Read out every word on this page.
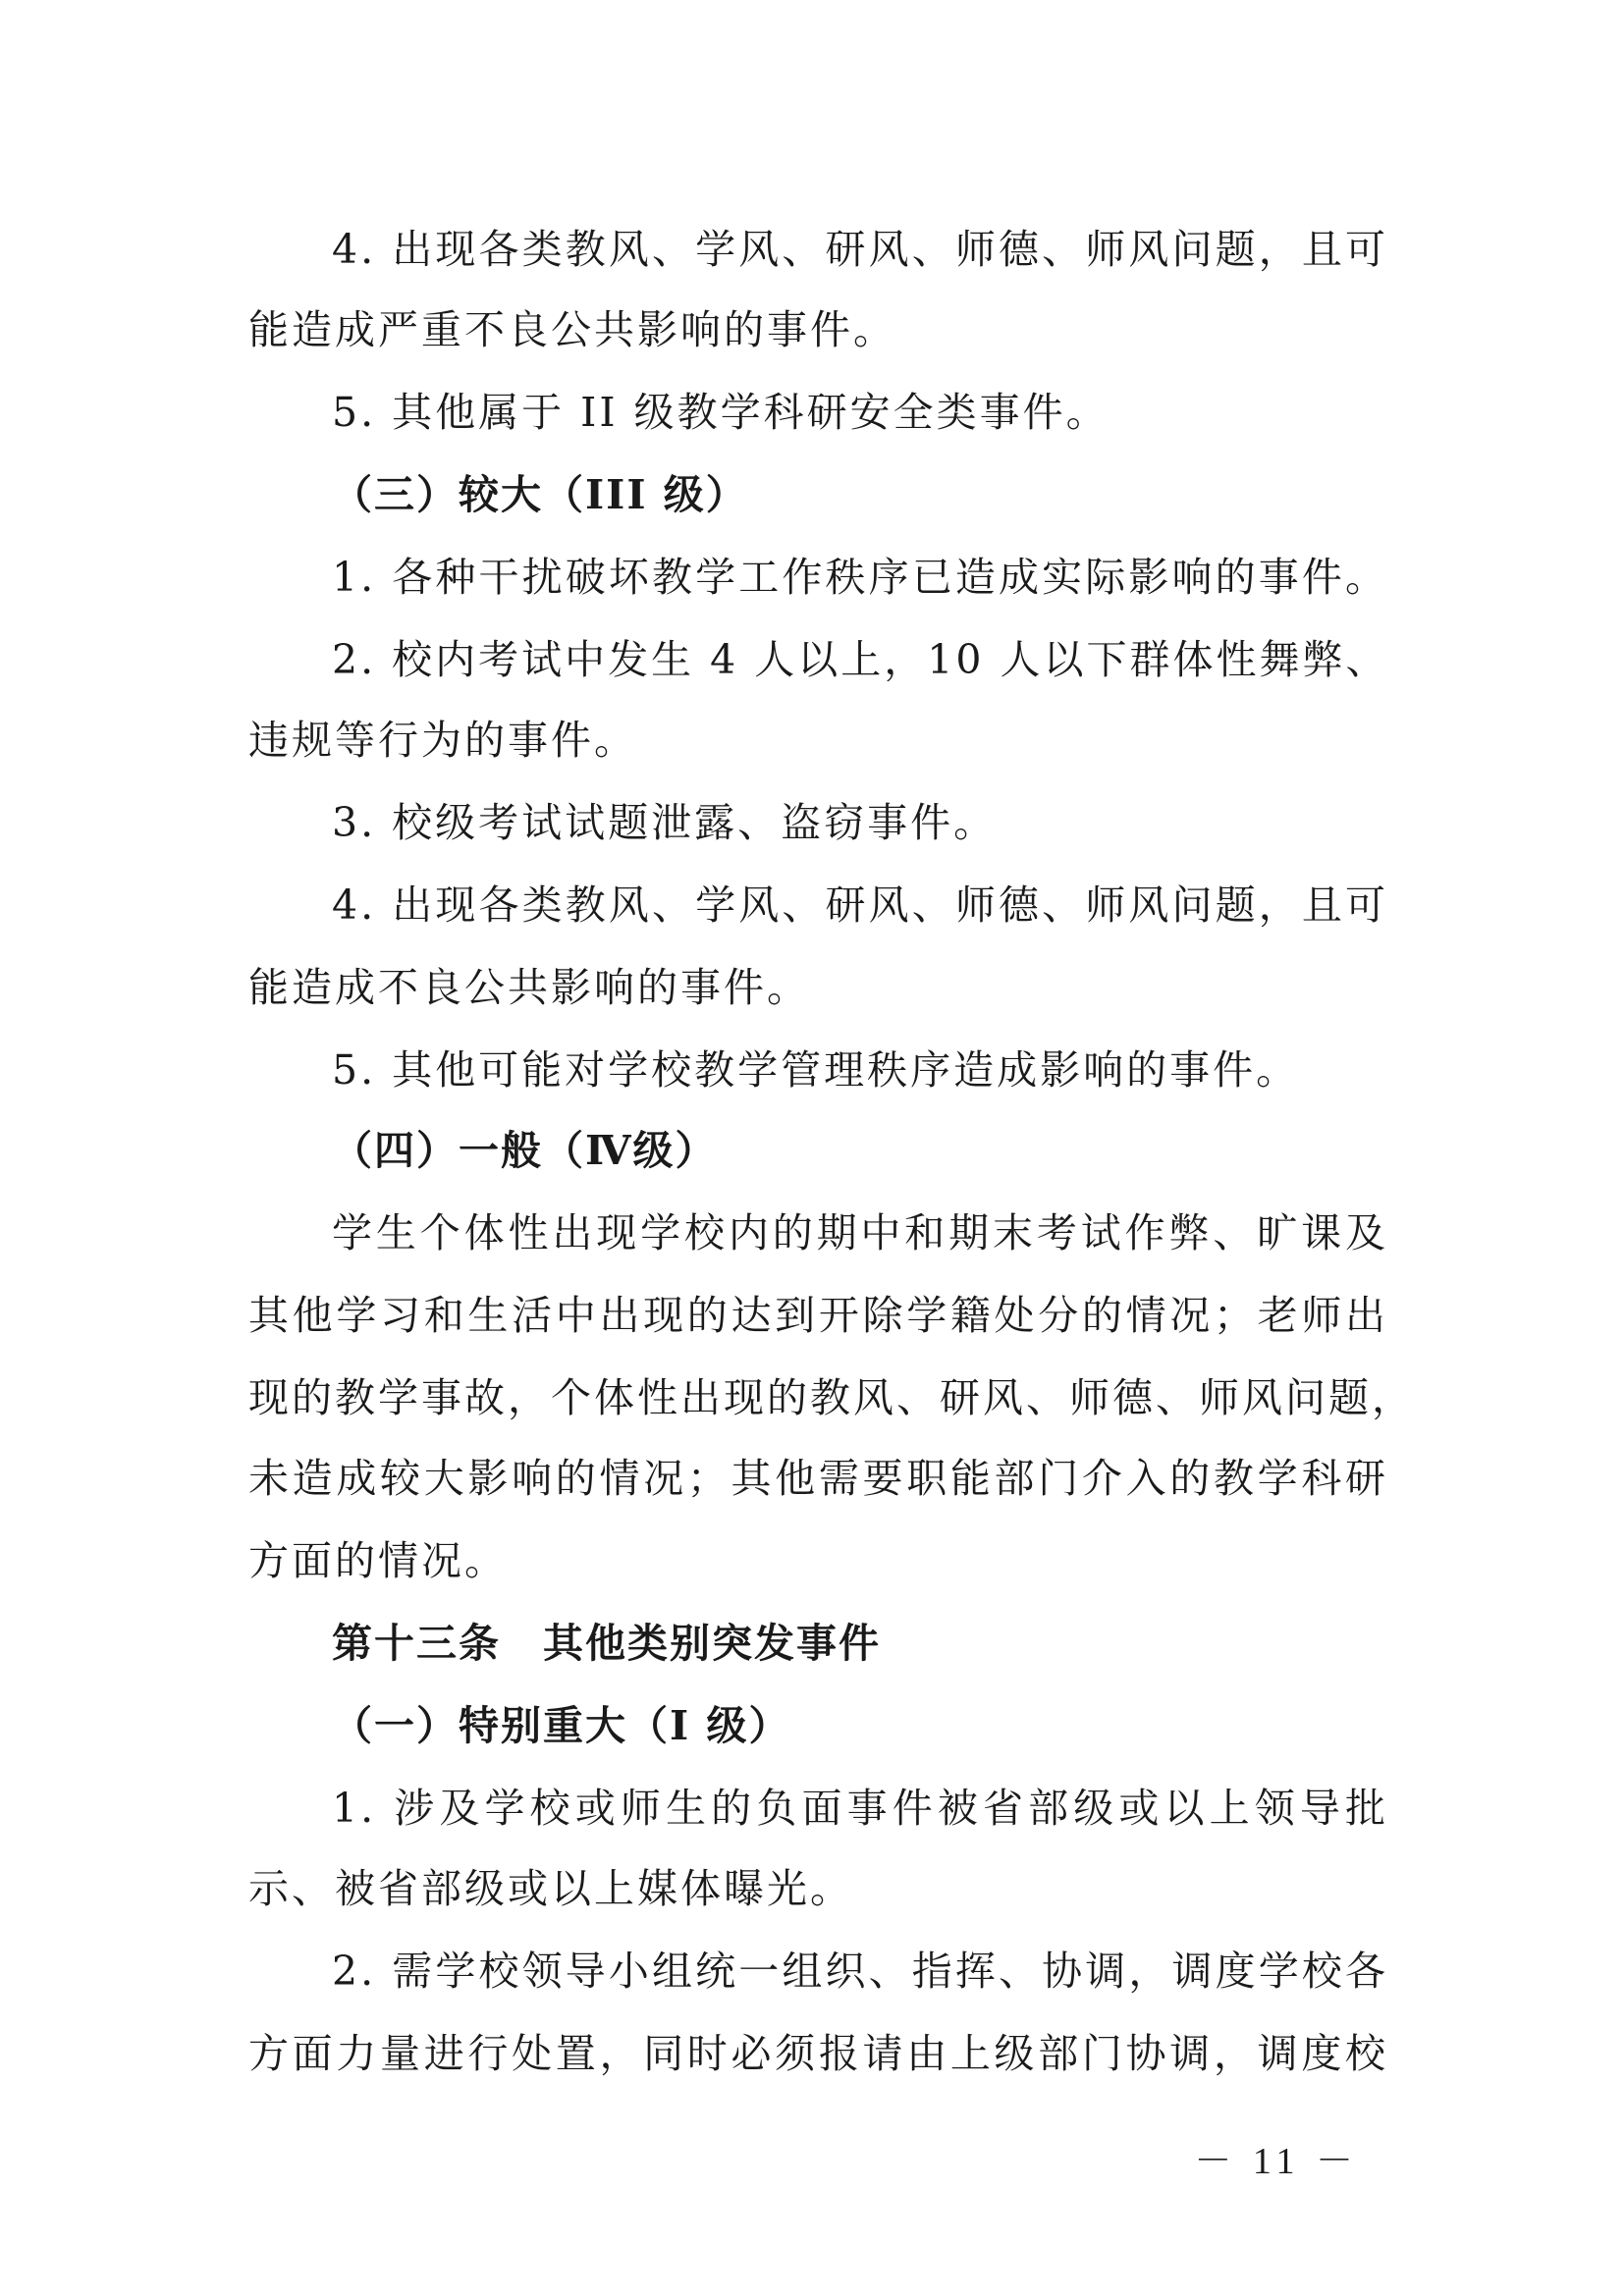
4. 出现各类教风、学风、研风、师德、师风问题，且可
能造成严重不良公共影响的事件。
5. 其他属于 II 级教学科研安全类事件。
（三）较大（III 级）
1. 各种干扰破坏教学工作秩序已造成实际影响的事件。
2. 校内考试中发生 4 人以上，10 人以下群体性舞弊、
违规等行为的事件。
3. 校级考试试题泄露、盗窃事件。
4. 出现各类教风、学风、研风、师德、师风问题，且可
能造成不良公共影响的事件。
5. 其他可能对学校教学管理秩序造成影响的事件。
（四）一般（Ⅳ级）
学生个体性出现学校内的期中和期末考试作弊、旷课及
其他学习和生活中出现的达到开除学籍处分的情况；老师出
现的教学事故，个体性出现的教风、研风、师德、师风问题，
未造成较大影响的情况；其他需要职能部门介入的教学科研
方面的情况。
第十三条　其他类别突发事件
（一）特别重大（I 级）
1. 涉及学校或师生的负面事件被省部级或以上领导批
示、被省部级或以上媒体曝光。
2. 需学校领导小组统一组织、指挥、协调，调度学校各
方面力量进行处置，同时必须报请由上级部门协调，调度校
－ 11 －
